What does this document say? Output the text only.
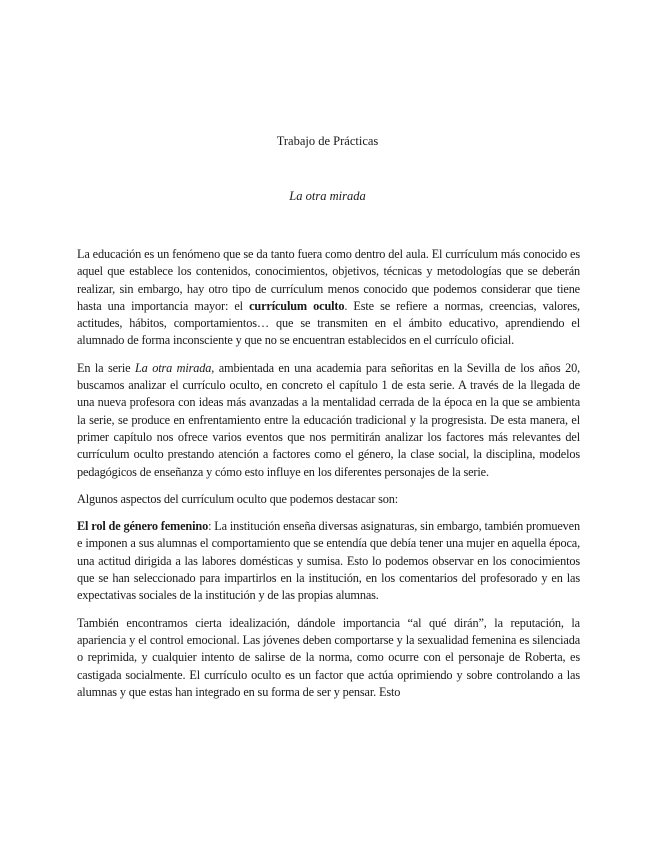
Trabajo de Prácticas
La otra mirada

La educación es un fenómeno que se da tanto fuera como dentro del aula. El currículum más conocido es aquel que establece los contenidos, conocimientos, objetivos, técnicas y metodologías que se deberán realizar, sin embargo, hay otro tipo de currículum menos conocido que podemos considerar que tiene hasta una importancia mayor: el currículum oculto. Este se refiere a normas, creencias, valores, actitudes, hábitos, comportamientos… que se transmiten en el ámbito educativo, aprendiendo el alumnado de forma inconsciente y que no se encuentran establecidos en el currículo oficial.

En la serie La otra mirada, ambientada en una academia para señoritas en la Sevilla de los años 20, buscamos analizar el currículo oculto, en concreto el capítulo 1 de esta serie. A través de la llegada de una nueva profesora con ideas más avanzadas a la mentalidad cerrada de la época en la que se ambienta la serie, se produce en enfrentamiento entre la educación tradicional y la progresista. De esta manera, el primer capítulo nos ofrece varios eventos que nos permitirán analizar los factores más relevantes del currículum oculto prestando atención a factores como el género, la clase social, la disciplina, modelos pedagógicos de enseñanza y cómo esto influye en los diferentes personajes de la serie.

Algunos aspectos del currículum oculto que podemos destacar son:

El rol de género femenino: La institución enseña diversas asignaturas, sin embargo, también promueven e imponen a sus alumnas el comportamiento que se entendía que debía tener una mujer en aquella época, una actitud dirigida a las labores domésticas y sumisa. Esto lo podemos observar en los conocimientos que se han seleccionado para impartirlos en la institución, en los comentarios del profesorado y en las expectativas sociales de la institución y de las propias alumnas.

También encontramos cierta idealización, dándole importancia “al qué dirán”, la reputación, la apariencia y el control emocional. Las jóvenes deben comportarse y la sexualidad femenina es silenciada o reprimida, y cualquier intento de salirse de la norma, como ocurre con el personaje de Roberta, es castigada socialmente. El currículo oculto es un factor que actúa oprimiendo y sobre controlando a las alumnas y que estas han integrado en su forma de ser y pensar. Esto
